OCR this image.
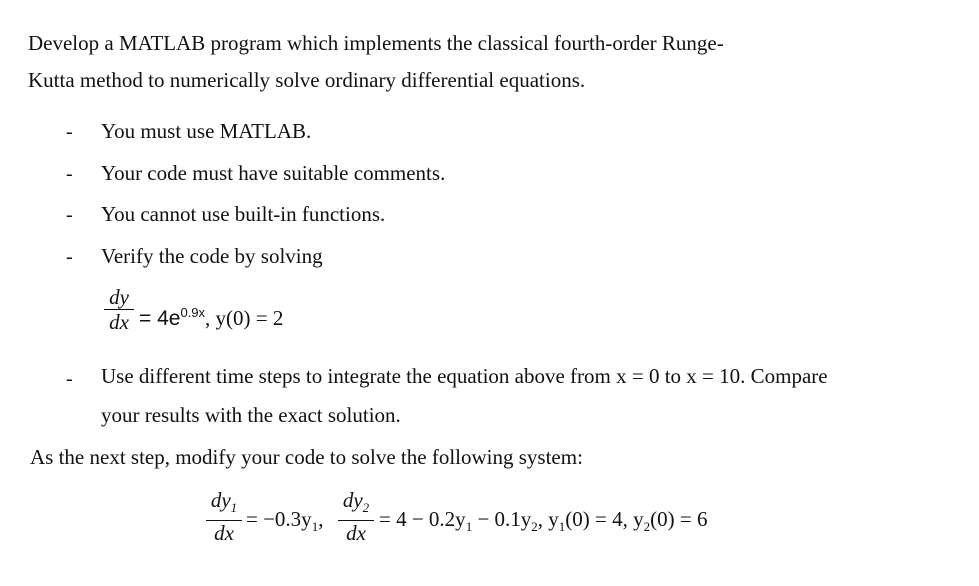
Develop a MATLAB program which implements the classical fourth-order Runge-
Kutta method to numerically solve ordinary differential equations.
- You must use MATLAB.
- Your code must have suitable comments.
- You cannot use built-in functions.
- Verify the code by solving
dy
dx = $4e^{0.9x}$, y(0) = 2
- Use different time steps to integrate the equation above from x = 0 to x = 10. Compare
your results with the exact solution.
As the next step, modify your code to solve the following system:
$dy_1$
dx
= $-0.3y_1$,
$dy_2$
dx
= $4 - 0.2y_1 - 0.1y_2$, $y_1(0) = 4$, $y_2(0) = 6$
